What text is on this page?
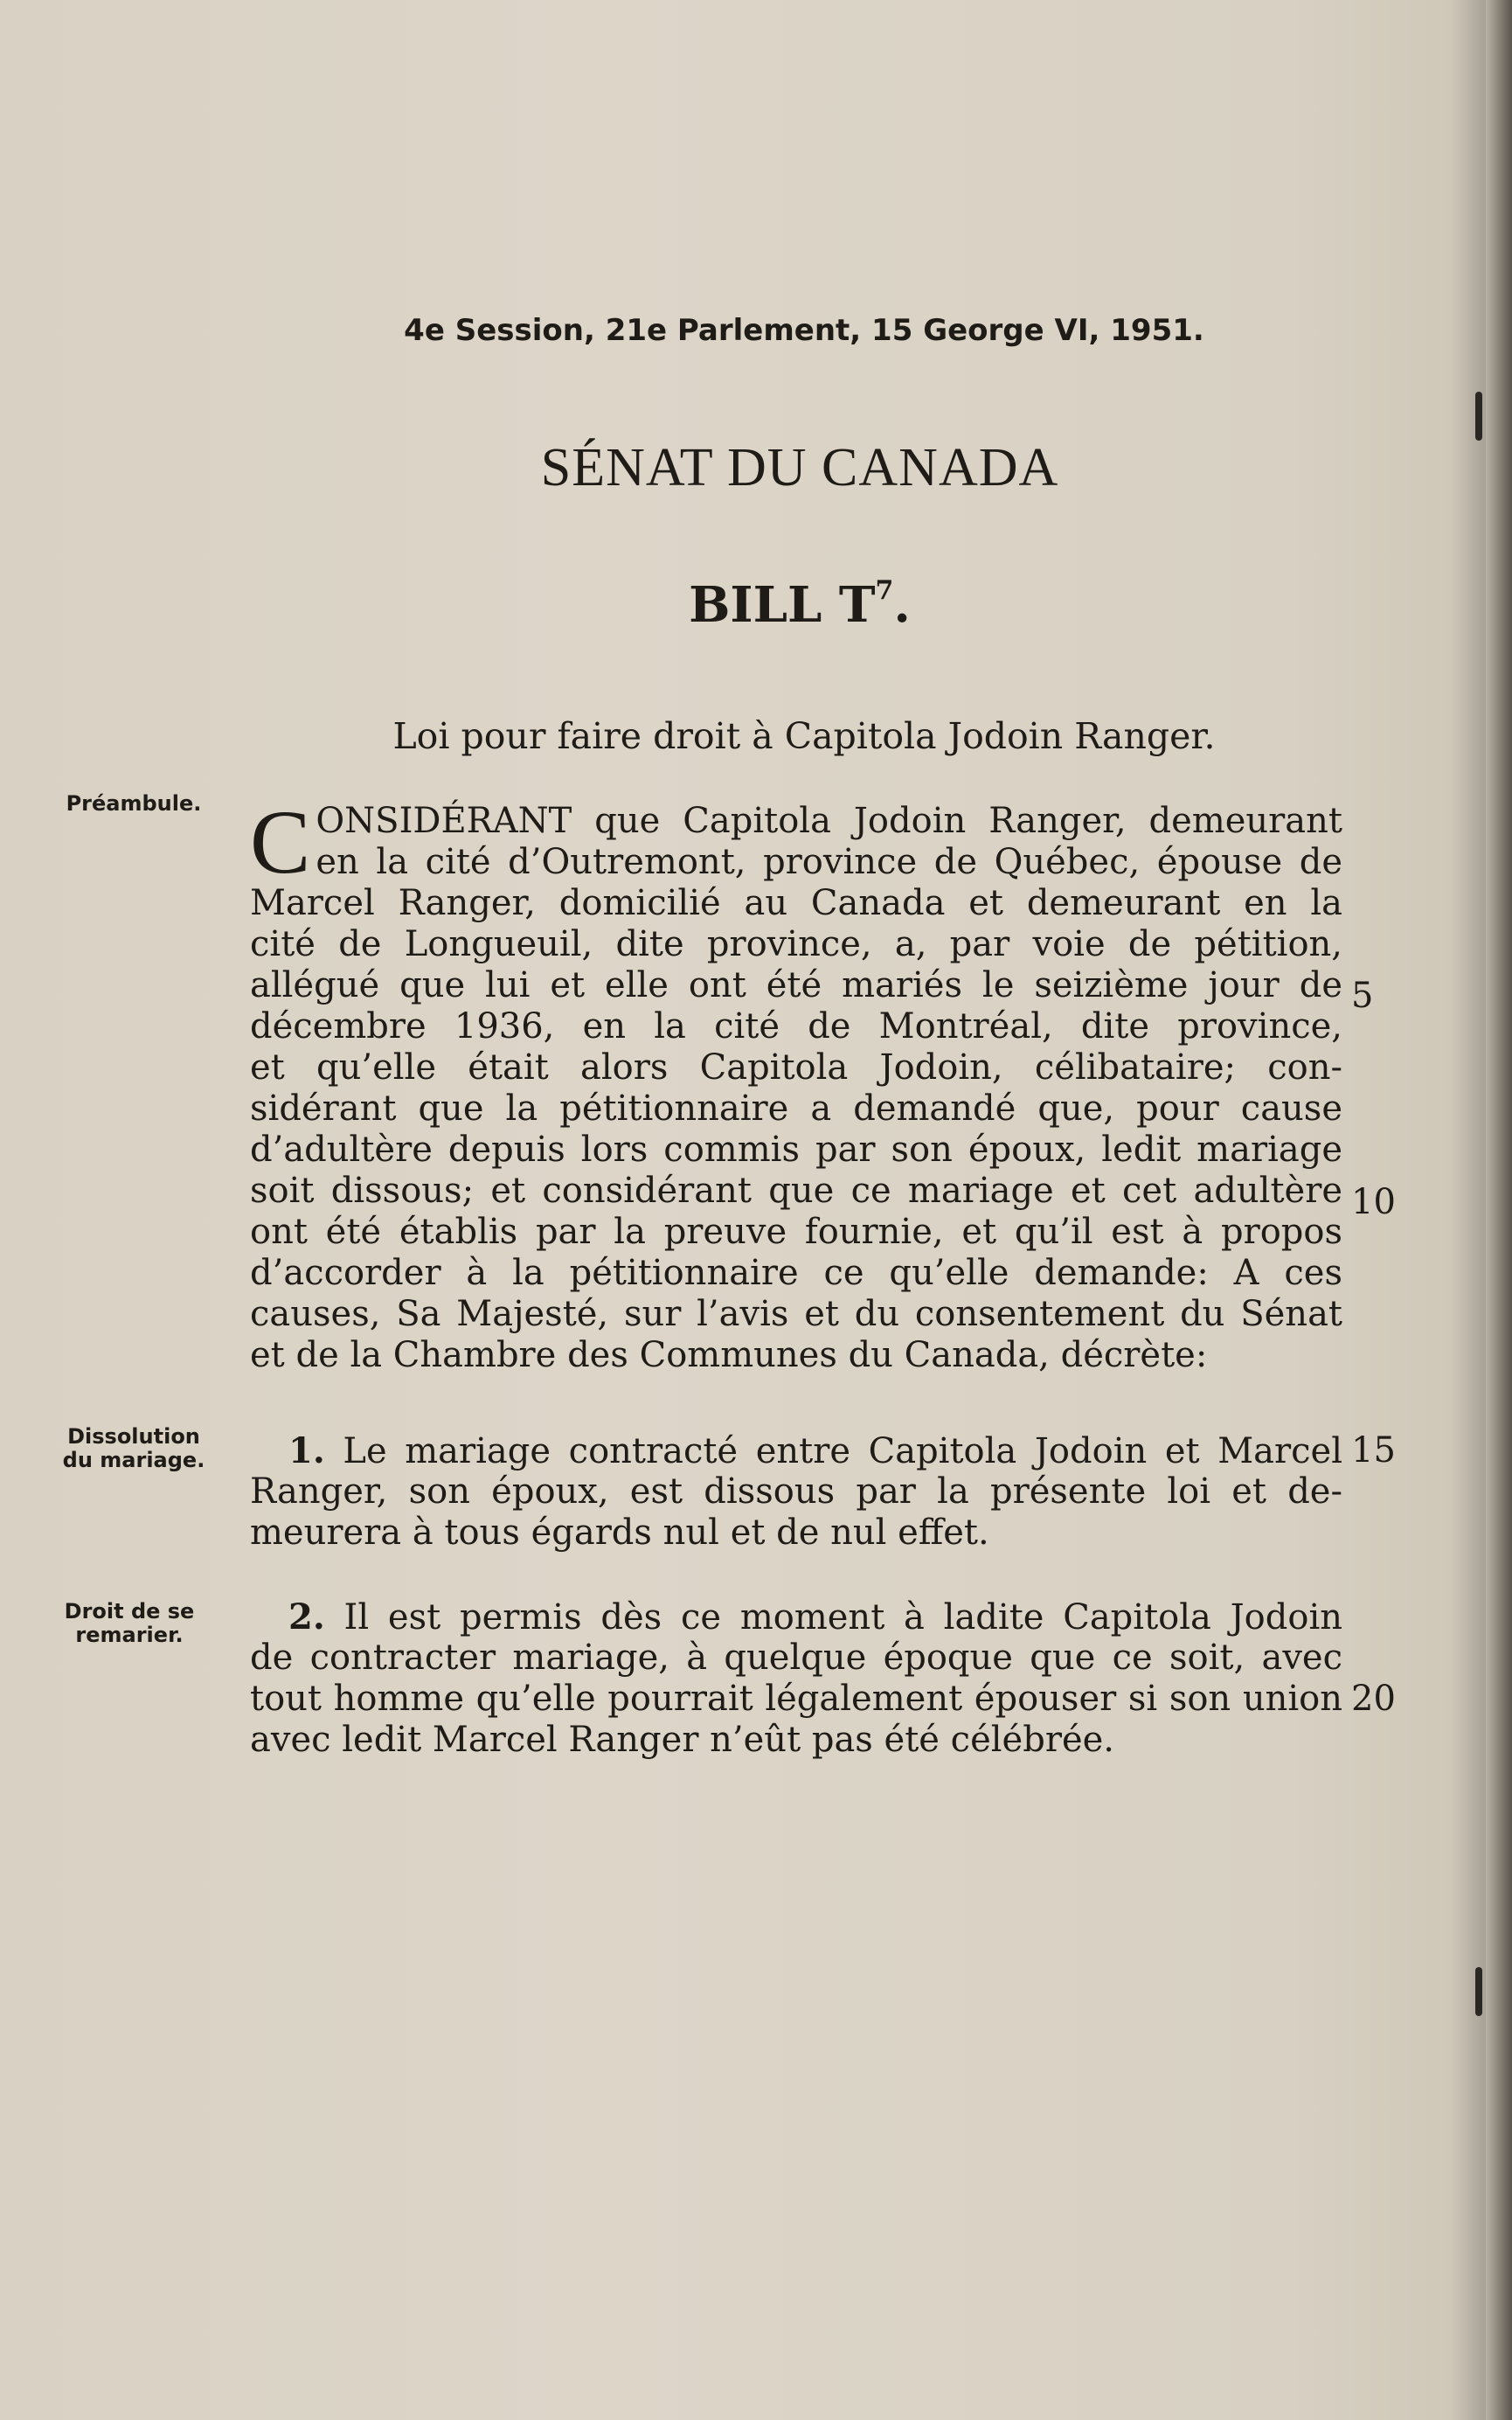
4e Session, 21e Parlement, 15 George VI, 1951.
SÉNAT DU CANADA
BILL $T^7$.
Loi pour faire droit à Capitola Jodoin Ranger.
Préambule.
Dissolution du mariage.
Droit de se remarier.
C ONSIDÉRANT que Capitola Jodoin Ranger, demeurant
en la cité d’Outremont, province de Québec, épouse de
Marcel Ranger, domicilié au Canada et demeurant en la
cité de Longueuil, dite province, a, par voie de pétition,
allégué que lui et elle ont été mariés le seizième jour de
décembre 1936, en la cité de Montréal, dite province,
et qu’elle était alors Capitola Jodoin, célibataire; con-
sidérant que la pétitionnaire a demandé que, pour cause
d’adultère depuis lors commis par son époux, ledit mariage
soit dissous; et considérant que ce mariage et cet adultère
ont été établis par la preuve fournie, et qu’il est à propos
d’accorder à la pétitionnaire ce qu’elle demande: A ces
causes, Sa Majesté, sur l’avis et du consentement du Sénat
et de la Chambre des Communes du Canada, décrète:
1. Le mariage contracté entre Capitola Jodoin et Marcel
Ranger, son époux, est dissous par la présente loi et de-
meurera à tous égards nul et de nul effet.
2. Il est permis dès ce moment à ladite Capitola Jodoin
de contracter mariage, à quelque époque que ce soit, avec
tout homme qu’elle pourrait légalement épouser si son union
avec ledit Marcel Ranger n’eût pas été célébrée.
5
10
15
20
